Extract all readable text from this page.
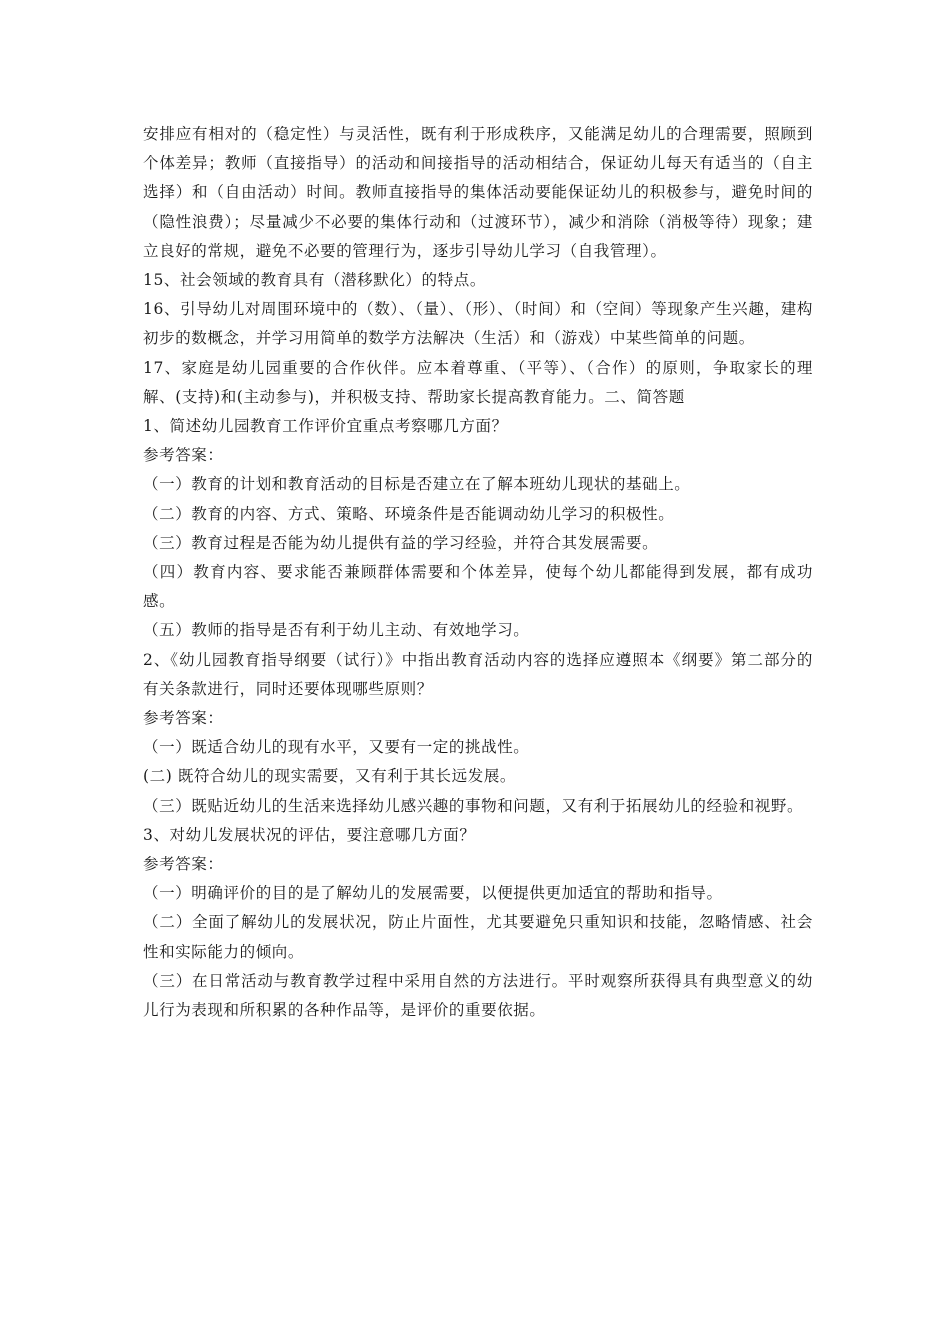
安排应有相对的（稳定性）与灵活性，既有利于形成秩序，又能满足幼儿的合理需要，照顾到个体差异；教师（直接指导）的活动和间接指导的活动相结合，保证幼儿每天有适当的（自主选择）和（自由活动）时间。教师直接指导的集体活动要能保证幼儿的积极参与，避免时间的（隐性浪费）；尽量减少不必要的集体行动和（过渡环节），减少和消除（消极等待）现象；建立良好的常规，避免不必要的管理行为，逐步引导幼儿学习（自我管理）。

15、社会领域的教育具有（潜移默化）的特点。

16、引导幼儿对周围环境中的（数）、（量）、（形）、（时间）和（空间）等现象产生兴趣，建构初步的数概念，并学习用简单的数学方法解决（生活）和（游戏）中某些简单的问题。

17、家庭是幼儿园重要的合作伙伴。应本着尊重、（平等）、（合作）的原则，争取家长的理解、(支持)和(主动参与)，并积极支持、帮助家长提高教育能力。二、简答题

1、简述幼儿园教育工作评价宜重点考察哪几方面？

参考答案：

（一）教育的计划和教育活动的目标是否建立在了解本班幼儿现状的基础上。

（二）教育的内容、方式、策略、环境条件是否能调动幼儿学习的积极性。

（三）教育过程是否能为幼儿提供有益的学习经验，并符合其发展需要。

（四）教育内容、要求能否兼顾群体需要和个体差异，使每个幼儿都能得到发展，都有成功感。

（五）教师的指导是否有利于幼儿主动、有效地学习。

2、《幼儿园教育指导纲要（试行）》中指出教育活动内容的选择应遵照本《纲要》第二部分的有关条款进行，同时还要体现哪些原则？

参考答案：

（一）既适合幼儿的现有水平，又要有一定的挑战性。

(二) 既符合幼儿的现实需要，又有利于其长远发展。

（三）既贴近幼儿的生活来选择幼儿感兴趣的事物和问题，又有利于拓展幼儿的经验和视野。

3、对幼儿发展状况的评估，要注意哪几方面？

参考答案：

（一）明确评价的目的是了解幼儿的发展需要，以便提供更加适宜的帮助和指导。

（二）全面了解幼儿的发展状况，防止片面性，尤其要避免只重知识和技能，忽略情感、社会性和实际能力的倾向。

（三）在日常活动与教育教学过程中采用自然的方法进行。平时观察所获得具有典型意义的幼儿行为表现和所积累的各种作品等，是评价的重要依据。
